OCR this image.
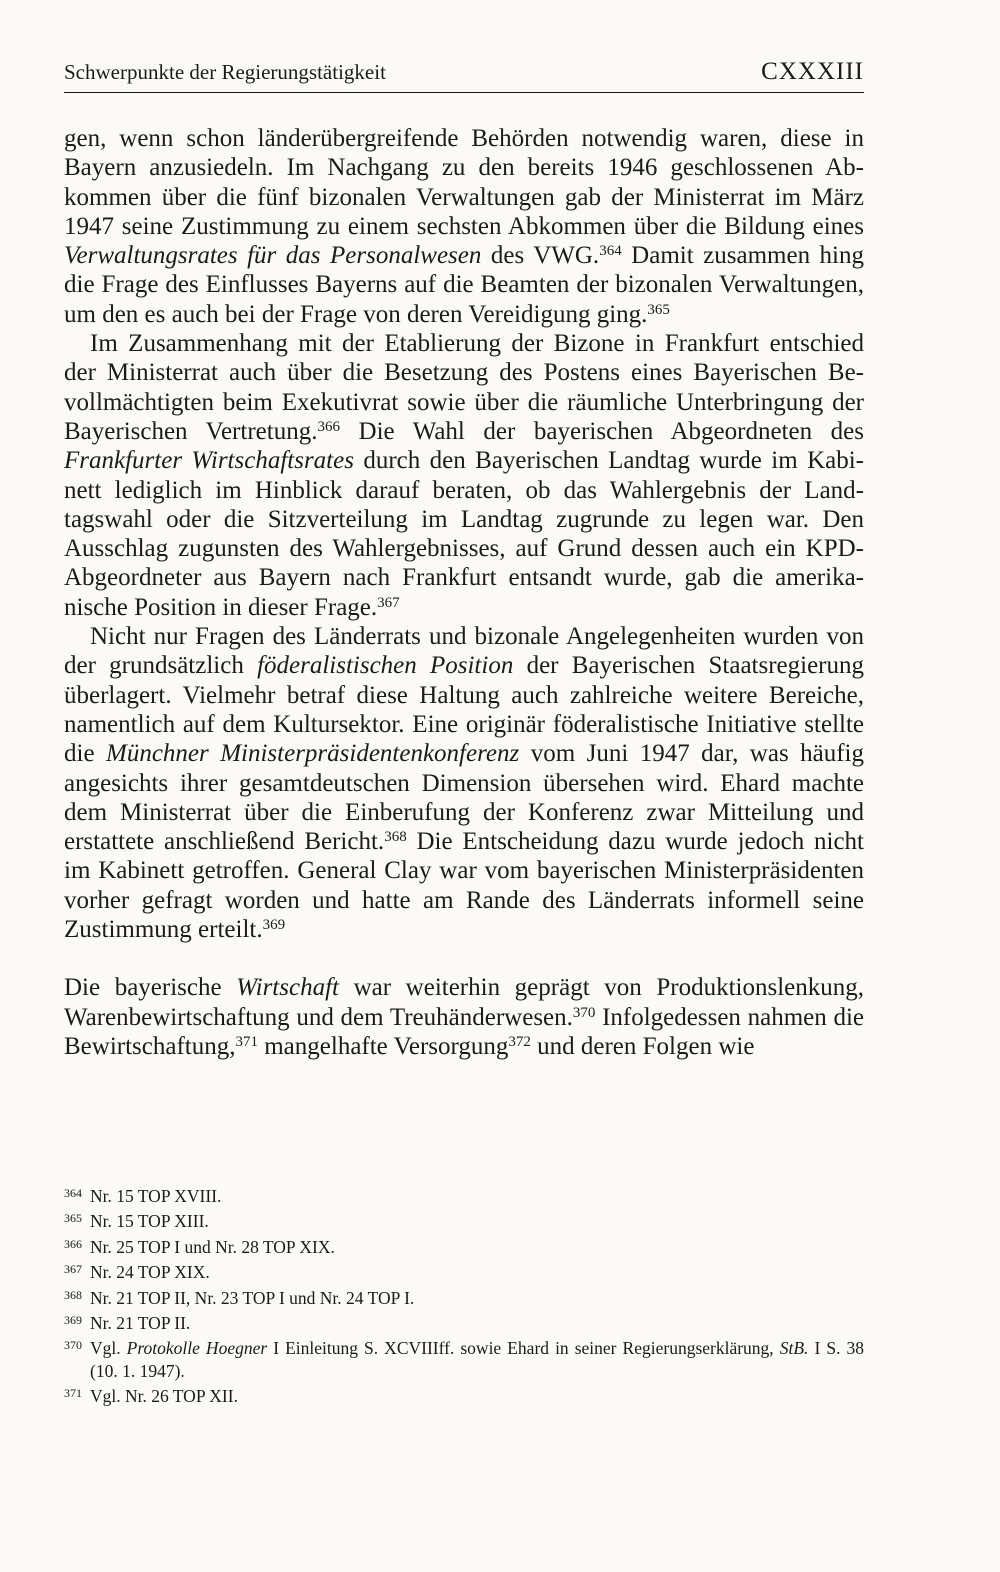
Schwerpunkte der Regierungstätigkeit	CXXXIII

gen, wenn schon länderübergreifende Behörden notwendig waren, diese in Bayern anzusiedeln. Im Nachgang zu den bereits 1946 geschlossenen Abkommen über die fünf bizonalen Verwaltungen gab der Ministerrat im März 1947 seine Zustimmung zu einem sechsten Abkommen über die Bildung eines Verwaltungsrates für das Personalwesen des VWG.$^{364}$ Damit zusammen hing die Frage des Einflusses Bayerns auf die Beamten der bizonalen Verwaltungen, um den es auch bei der Frage von deren Vereidigung ging.$^{365}$

Im Zusammenhang mit der Etablierung der Bizone in Frankfurt entschied der Ministerrat auch über die Besetzung des Postens eines Bayerischen Bevollmächtigten beim Exekutivrat sowie über die räumliche Unterbringung der Bayerischen Vertretung.$^{366}$ Die Wahl der bayerischen Abgeordneten des Frankfurter Wirtschaftsrates durch den Bayerischen Landtag wurde im Kabinett lediglich im Hinblick darauf beraten, ob das Wahlergebnis der Landtagswahl oder die Sitzverteilung im Landtag zugrunde zu legen war. Den Ausschlag zugunsten des Wahlergebnisses, auf Grund dessen auch ein KPD-Abgeordneter aus Bayern nach Frankfurt entsandt wurde, gab die amerikanische Position in dieser Frage.$^{367}$

Nicht nur Fragen des Länderrats und bizonale Angelegenheiten wurden von der grundsätzlich föderalistischen Position der Bayerischen Staatsregierung überlagert. Vielmehr betraf diese Haltung auch zahlreiche weitere Bereiche, namentlich auf dem Kultursektor. Eine originär föderalistische Initiative stellte die Münchner Ministerpräsidentenkonferenz vom Juni 1947 dar, was häufig angesichts ihrer gesamtdeutschen Dimension übersehen wird. Ehard machte dem Ministerrat über die Einberufung der Konferenz zwar Mitteilung und erstattete anschließend Bericht.$^{368}$ Die Entscheidung dazu wurde jedoch nicht im Kabinett getroffen. General Clay war vom bayerischen Ministerpräsidenten vorher gefragt worden und hatte am Rande des Länderrats informell seine Zustimmung erteilt.$^{369}$

Die bayerische Wirtschaft war weiterhin geprägt von Produktionslenkung, Warenbewirtschaftung und dem Treuhänderwesen.$^{370}$ Infolgedessen nahmen die Bewirtschaftung,$^{371}$ mangelhafte Versorgung$^{372}$ und deren Folgen wie

364 Nr. 15 TOP XVIII.

365 Nr. 15 TOP XIII.

366 Nr. 25 TOP I und Nr. 28 TOP XIX.

367 Nr. 24 TOP XIX.

368 Nr. 21 TOP II, Nr. 23 TOP I und Nr. 24 TOP I.

369 Nr. 21 TOP II.

370 Vgl. Protokolle Hoegner I Einleitung S. XCVIIIff. sowie Ehard in seiner Regierungserklärung, StB. I S. 38 (10. 1. 1947).

371 Vgl. Nr. 26 TOP XII.
